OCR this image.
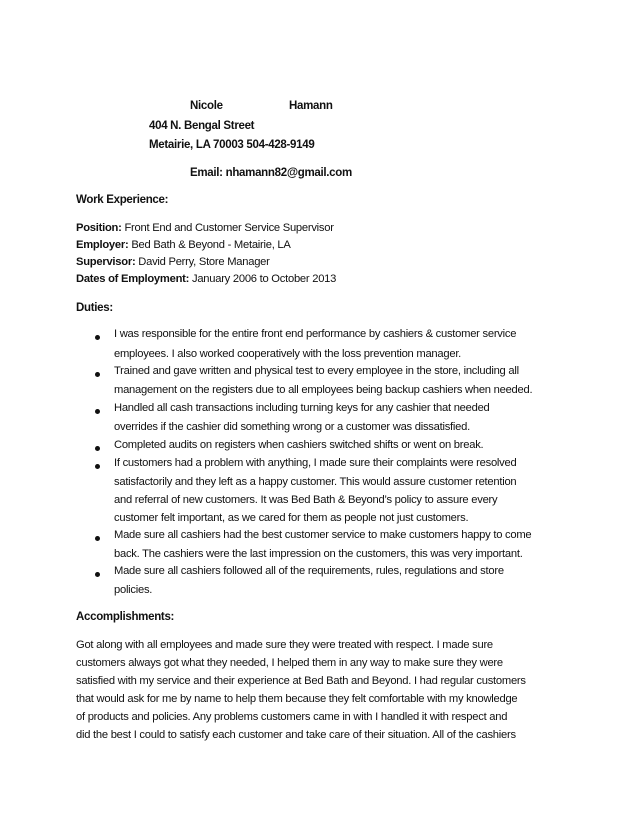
Nicole	Hamann
404 N. Bengal Street
Metairie, LA 70003 504-428-9149
Email: nhamann82@gmail.com
Work Experience:
Position: Front End and Customer Service Supervisor
Employer: Bed Bath & Beyond - Metairie, LA
Supervisor: David Perry, Store Manager
Dates of Employment: January 2006 to October 2013
Duties:
I was responsible for the entire front end performance by cashiers & customer service
employees. I also worked cooperatively with the loss prevention manager.
Trained and gave written and physical test to every employee in the store, including all
management on the registers due to all employees being backup cashiers when needed.
Handled all cash transactions including turning keys for any cashier that needed
overrides if the cashier did something wrong or a customer was dissatisfied.
Completed audits on registers when cashiers switched shifts or went on break.
If customers had a problem with anything, I made sure their complaints were resolved
satisfactorily and they left as a happy customer. This would assure customer retention
and referral of new customers. It was Bed Bath & Beyond’s policy to assure every
customer felt important, as we cared for them as people not just customers.
Made sure all cashiers had the best customer service to make customers happy to come
back. The cashiers were the last impression on the customers, this was very important.
Made sure all cashiers followed all of the requirements, rules, regulations and store
policies.
Accomplishments:
Got along with all employees and made sure they were treated with respect. I made sure
customers always got what they needed, I helped them in any way to make sure they were
satisfied with my service and their experience at Bed Bath and Beyond. I had regular customers
that would ask for me by name to help them because they felt comfortable with my knowledge
of products and policies. Any problems customers came in with I handled it with respect and
did the best I could to satisfy each customer and take care of their situation. All of the cashiers
